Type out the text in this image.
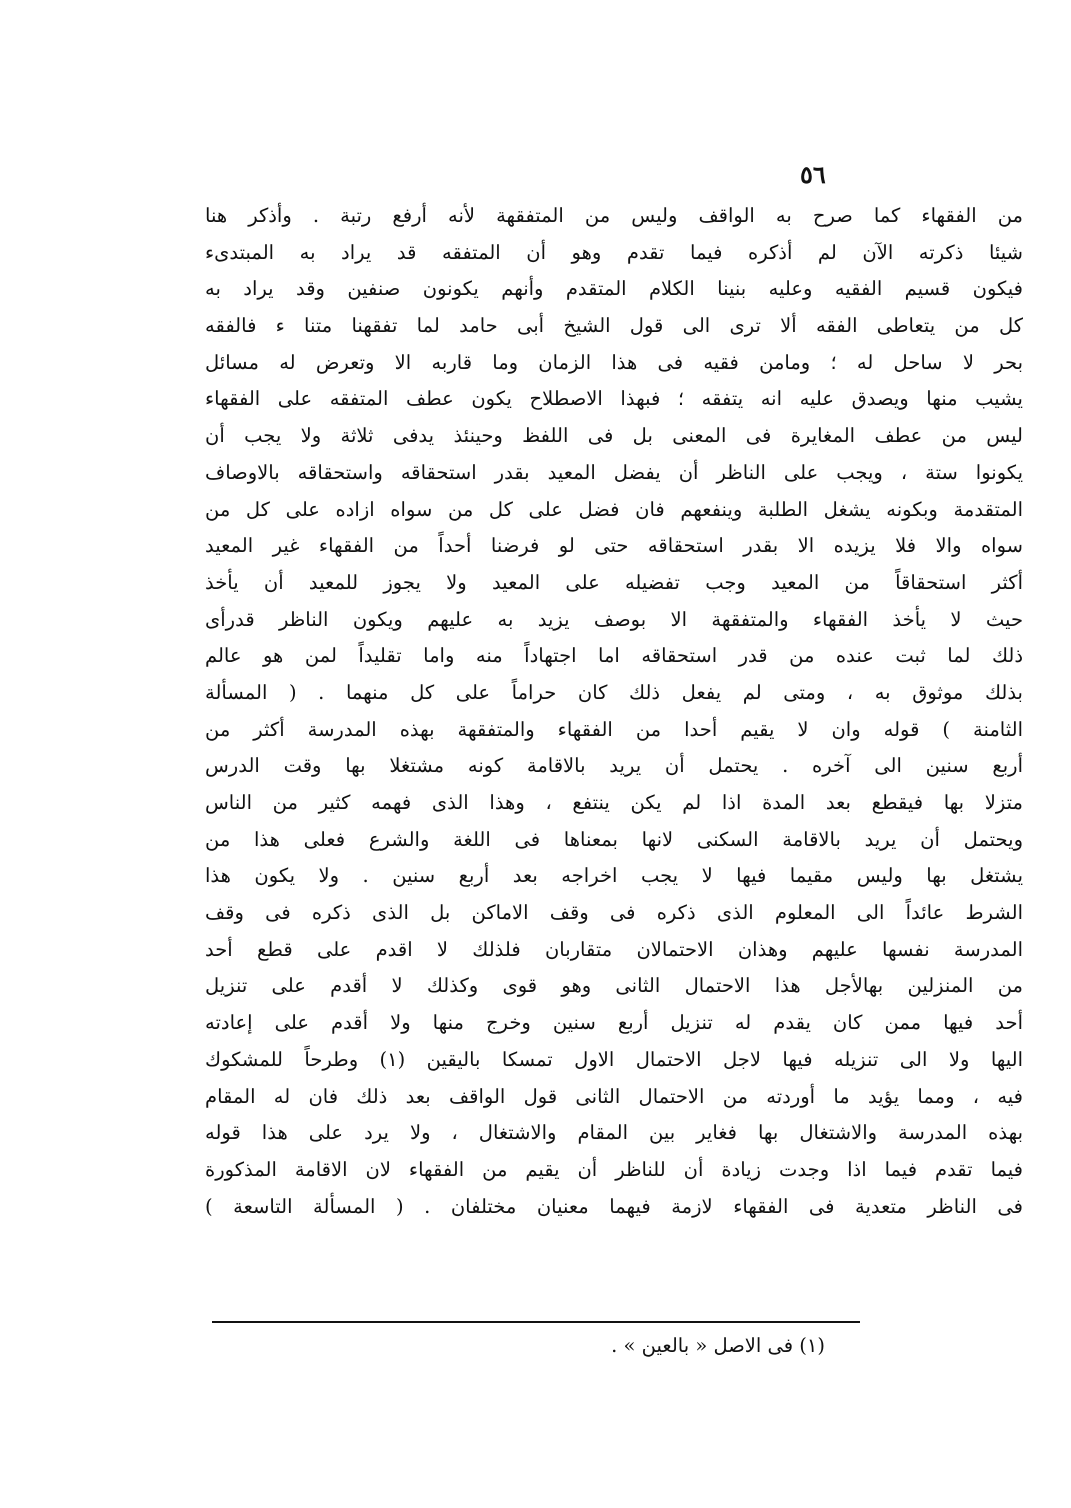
٥٦
من الفقهاء كما صرح به الواقف وليس من المتفقهة لأنه أرفع رتبة . وأذكر هنا
شيئا ذكرته الآن لم أذكره فيما تقدم وهو أن المتفقه قد يراد به المبتدىء
فيكون قسيم الفقيه وعليه بنينا الكلام المتقدم وأنهم يكونون صنفين وقد يراد به
كل من يتعاطى الفقه ألا ترى الى قول الشيخ أبى حامد لما تفقهنا متنا ء فالفقه
بحر لا ساحل له ؛ ومامن فقيه فى هذا الزمان وما قاربه الا وتعرض له مسائل
يشيب منها ويصدق عليه انه يتفقه ؛ فبهذا الاصطلاح يكون عطف المتفقه على الفقهاء
ليس من عطف المغايرة فى المعنى بل فى اللفظ وحينئذ يدفى ثلاثة ولا يجب أن
يكونوا ستة ، ويجب على الناظر أن يفضل المعيد بقدر استحقاقه واستحقاقه بالاوصاف
المتقدمة وبكونه يشغل الطلبة وينفعهم فان فضل على كل من سواه ازاده على كل من
سواه والا فلا يزيده الا بقدر استحقاقه حتى لو فرضنا أحداً من الفقهاء غير المعيد
أكثر استحقاقاً من المعيد وجب تفضيله على المعيد ولا يجوز للمعيد أن يأخذ
حيث لا يأخذ الفقهاء والمتفقهة الا بوصف يزيد به عليهم ويكون الناظر قدرأى
ذلك لما ثبت عنده من قدر استحقاقه اما اجتهاداً منه واما تقليداً لمن هو عالم
بذلك موثوق به ، ومتى لم يفعل ذلك كان حراماً على كل منهما . ( المسألة
الثامنة ) قوله وان لا يقيم أحدا من الفقهاء والمتفقهة بهذه المدرسة أكثر من
أربع سنين الى آخره . يحتمل أن يريد بالاقامة كونه مشتغلا بها وقت الدرس
متزلا بها فيقطع بعد المدة اذا لم يكن ينتفع ، وهذا الذى فهمه كثير من الناس
ويحتمل أن يريد بالاقامة السكنى لانها بمعناها فى اللغة والشرع فعلى هذا من
يشتغل بها وليس مقيما فيها لا يجب اخراجه بعد أربع سنين . ولا يكون هذا
الشرط عائداً الى المعلوم الذى ذكره فى وقف الاماكن بل الذى ذكره فى وقف
المدرسة نفسها عليهم وهذان الاحتمالان متقاربان فلذلك لا اقدم على قطع أحد
من المنزلين بهالأجل هذا الاحتمال الثانى وهو قوى وكذلك لا أقدم على تنزيل
أحد فيها ممن كان يقدم له تنزيل أربع سنين وخرج منها ولا أقدم على إعادته
اليها ولا الى تنزيله فيها لاجل الاحتمال الاول تمسكا باليقين (١) وطرحاً للمشكوك
فيه ، ومما يؤيد ما أوردته من الاحتمال الثانى قول الواقف بعد ذلك فان له المقام
بهذه المدرسة والاشتغال بها فغاير بين المقام والاشتغال ، ولا يرد على هذا قوله
فيما تقدم فيما اذا وجدت زيادة أن للناظر أن يقيم من الفقهاء لان الاقامة المذكورة
فى الناظر متعدية فى الفقهاء لازمة فيهما معنيان مختلفان . ( المسألة التاسعة )
(١) فى الاصل « بالعين » .
